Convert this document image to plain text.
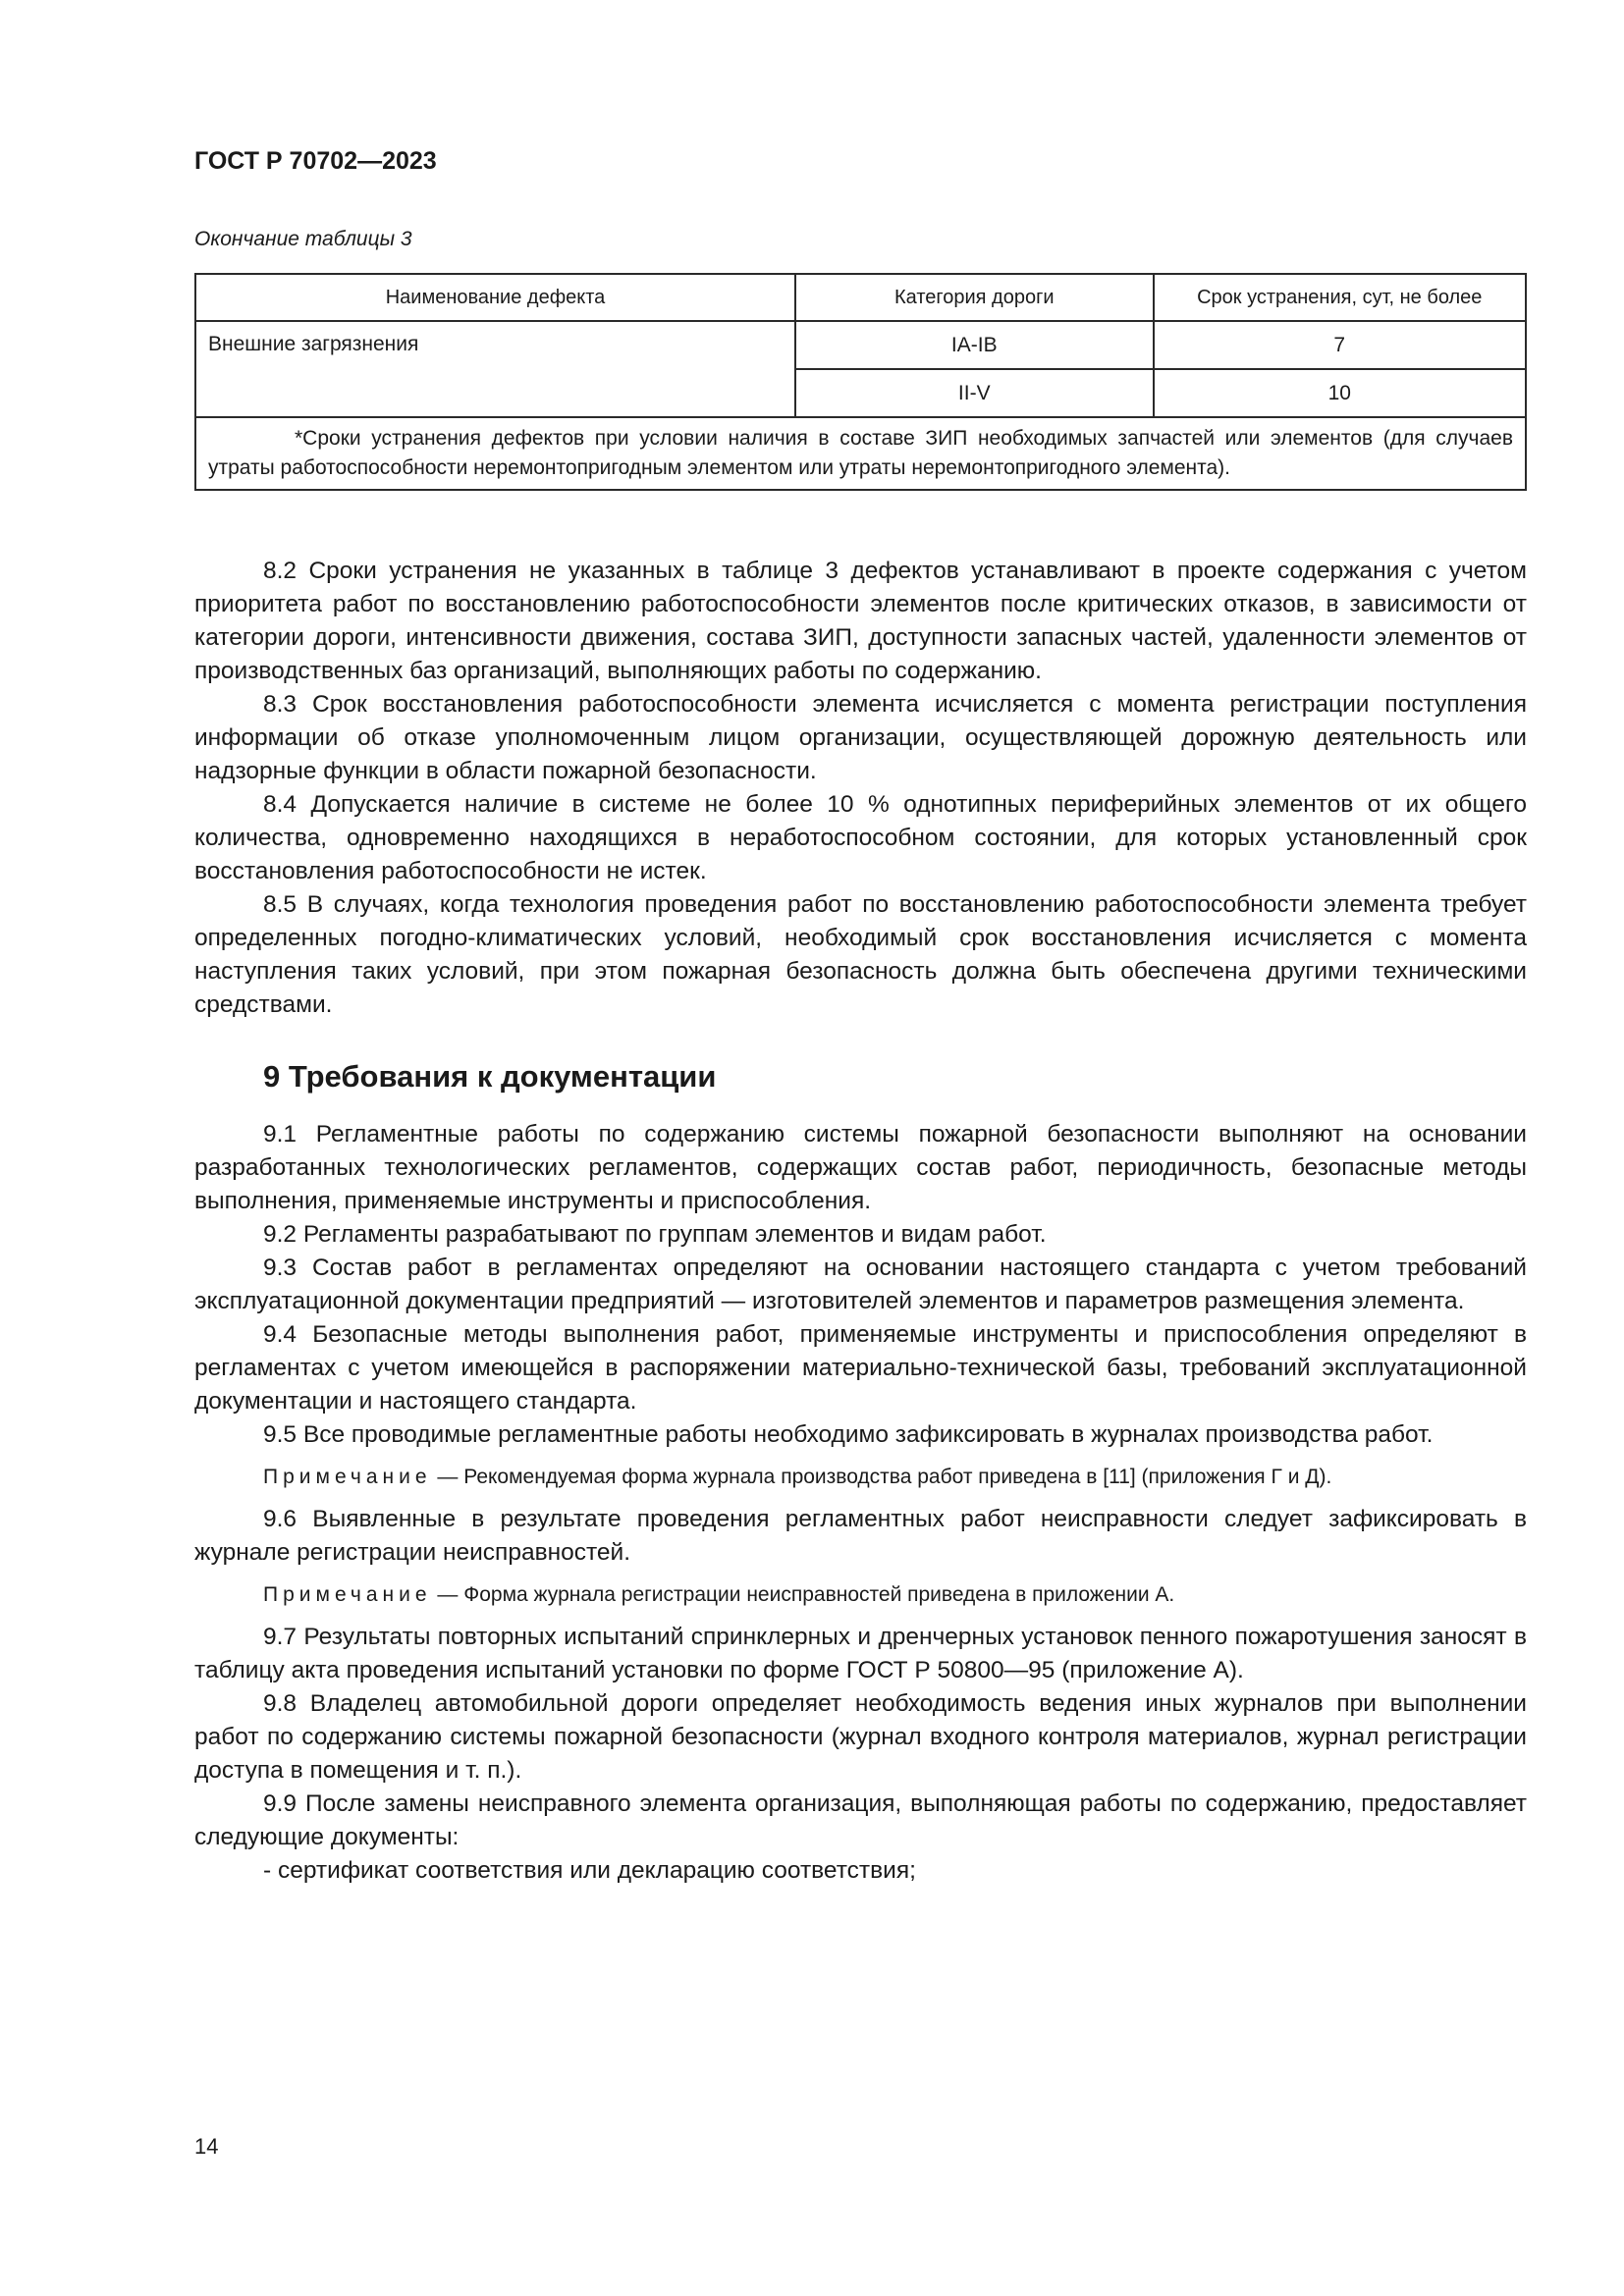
ГОСТ Р 70702—2023
Окончание таблицы 3
Наименование дефекта	Категория дороги	Срок устранения, сут, не более
Внешние загрязнения	IA-IB	7
	II-V	10
*Сроки устранения дефектов при условии наличия в составе ЗИП необходимых запчастей или элементов (для случаев утраты работоспособности неремонтопригодным элементом или утраты неремонтопригодного элемента).		

8.2 Сроки устранения не указанных в таблице 3 дефектов устанавливают в проекте содержания с учетом приоритета работ по восстановлению работоспособности элементов после критических отказов, в зависимости от категории дороги, интенсивности движения, состава ЗИП, доступности запасных частей, удаленности элементов от производственных баз организаций, выполняющих работы по содержанию.

8.3 Срок восстановления работоспособности элемента исчисляется с момента регистрации поступления информации об отказе уполномоченным лицом организации, осуществляющей дорожную деятельность или надзорные функции в области пожарной безопасности.

8.4 Допускается наличие в системе не более 10 % однотипных периферийных элементов от их общего количества, одновременно находящихся в неработоспособном состоянии, для которых установленный срок восстановления работоспособности не истек.

8.5 В случаях, когда технология проведения работ по восстановлению работоспособности элемента требует определенных погодно-климатических условий, необходимый срок восстановления исчисляется с момента наступления таких условий, при этом пожарная безопасность должна быть обеспечена другими техническими средствами.

9 Требования к документации

9.1 Регламентные работы по содержанию системы пожарной безопасности выполняют на основании разработанных технологических регламентов, содержащих состав работ, периодичность, безопасные методы выполнения, применяемые инструменты и приспособления.

9.2 Регламенты разрабатывают по группам элементов и видам работ.

9.3 Состав работ в регламентах определяют на основании настоящего стандарта с учетом требований эксплуатационной документации предприятий — изготовителей элементов и параметров размещения элемента.

9.4 Безопасные методы выполнения работ, применяемые инструменты и приспособления определяют в регламентах с учетом имеющейся в распоряжении материально-технической базы, требований эксплуатационной документации и настоящего стандарта.

9.5 Все проводимые регламентные работы необходимо зафиксировать в журналах производства работ.

Примечание — Рекомендуемая форма журнала производства работ приведена в [11] (приложения Г и Д).

9.6 Выявленные в результате проведения регламентных работ неисправности следует зафиксировать в журнале регистрации неисправностей.

Примечание — Форма журнала регистрации неисправностей приведена в приложении А.

9.7 Результаты повторных испытаний спринклерных и дренчерных установок пенного пожаротушения заносят в таблицу акта проведения испытаний установки по форме ГОСТ Р 50800—95 (приложение А).

9.8 Владелец автомобильной дороги определяет необходимость ведения иных журналов при выполнении работ по содержанию системы пожарной безопасности (журнал входного контроля материалов, журнал регистрации доступа в помещения и т. п.).

9.9 После замены неисправного элемента организация, выполняющая работы по содержанию, предоставляет следующие документы:

- сертификат соответствия или декларацию соответствия;

14
